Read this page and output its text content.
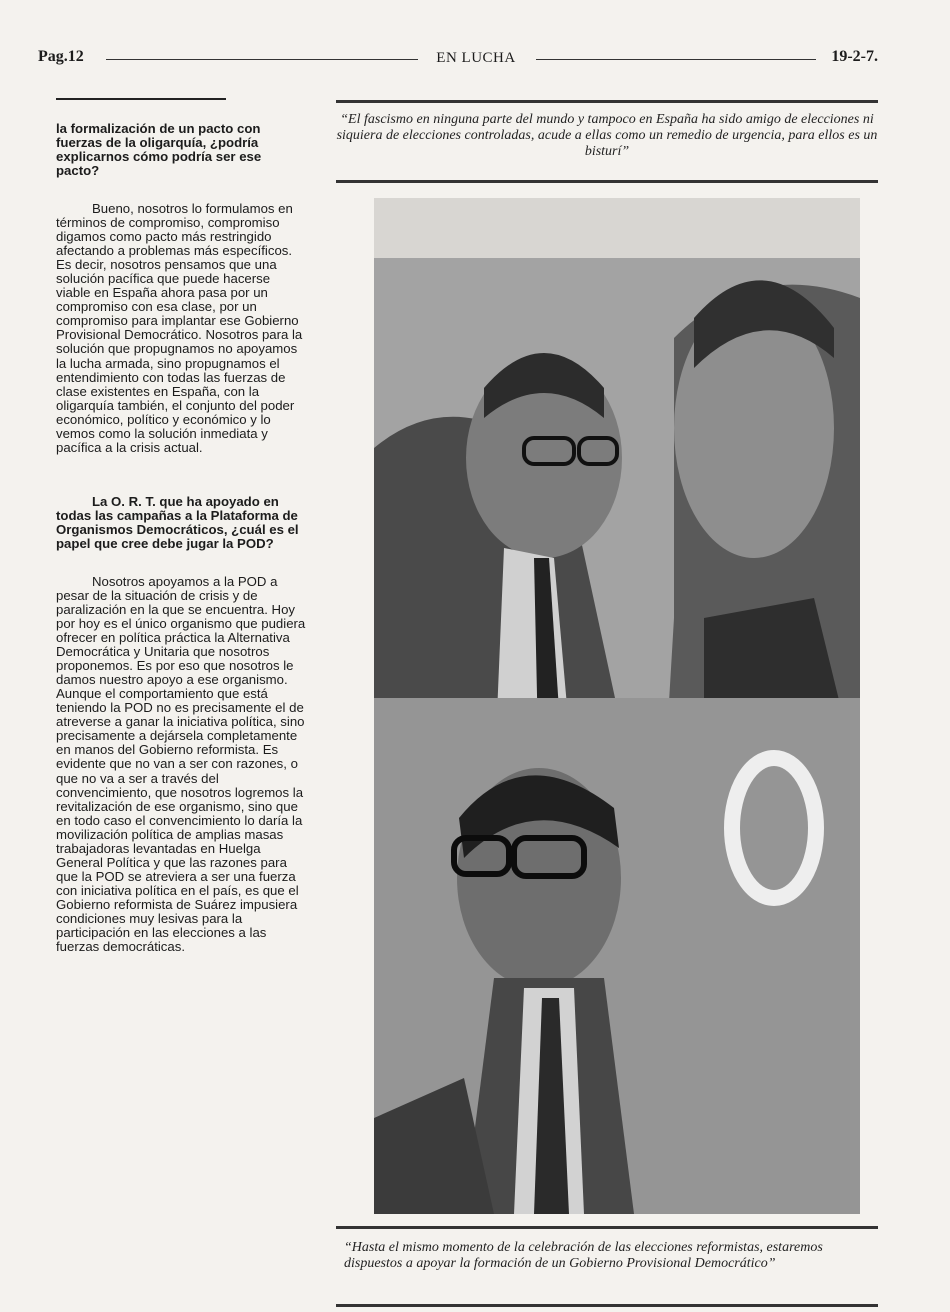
Pag.12	EN LUCHA	19-2-7.

la formalización de un pacto con fuerzas de la oligarquía, ¿podría explicarnos cómo podría ser ese pacto?

Bueno, nosotros lo formulamos en términos de compromiso, compromiso digamos como pacto más restringido afectando a problemas más específicos. Es decir, nosotros pensamos que una solución pacífica que puede hacerse viable en España ahora pasa por un compromiso con esa clase, por un compromiso para implantar ese Gobierno Provisional Democrático. Nosotros para la solución que propugnamos no apoyamos la lucha armada, sino propugnamos el entendimiento con todas las fuerzas de clase existentes en España, con la oligarquía también, el conjunto del poder económico, político y económico y lo vemos como la solución inmediata y pacífica a la crisis actual.

La O. R. T. que ha apoyado en todas las campañas a la Plataforma de Organismos Democráticos, ¿cuál es el papel que cree debe jugar la POD?

Nosotros apoyamos a la POD a pesar de la situación de crisis y de paralización en la que se encuentra. Hoy por hoy es el único organismo que pudiera ofrecer en política práctica la Alternativa Democrática y Unitaria que nosotros proponemos. Es por eso que nosotros le damos nuestro apoyo a ese organismo. Aunque el comportamiento que está teniendo la POD no es precisamente el de atreverse a ganar la iniciativa política, sino precisamente a dejársela completamente en manos del Gobierno reformista. Es evidente que no van a ser con razones, o que no va a ser a través del convencimiento, que nosotros logremos la revitalización de ese organismo, sino que en todo caso el convencimiento lo daría la movilización política de amplias masas trabajadoras levantadas en Huelga General Política y que las razones para que la POD se atreviera a ser una fuerza con iniciativa política en el país, es que el Gobierno reformista de Suárez impusiera condiciones muy lesivas para la participación en las elecciones a las fuerzas democráticas.

“El fascismo en ninguna parte del mundo y tampoco en España ha sido amigo de elecciones ni siquiera de elecciones controladas, acude a ellas como un remedio de urgencia, para ellos es un bisturí”
“Hasta el mismo momento de la celebración de las elecciones reformistas, estaremos dispuestos a apoyar la formación de un Gobierno Provisional Democrático”
